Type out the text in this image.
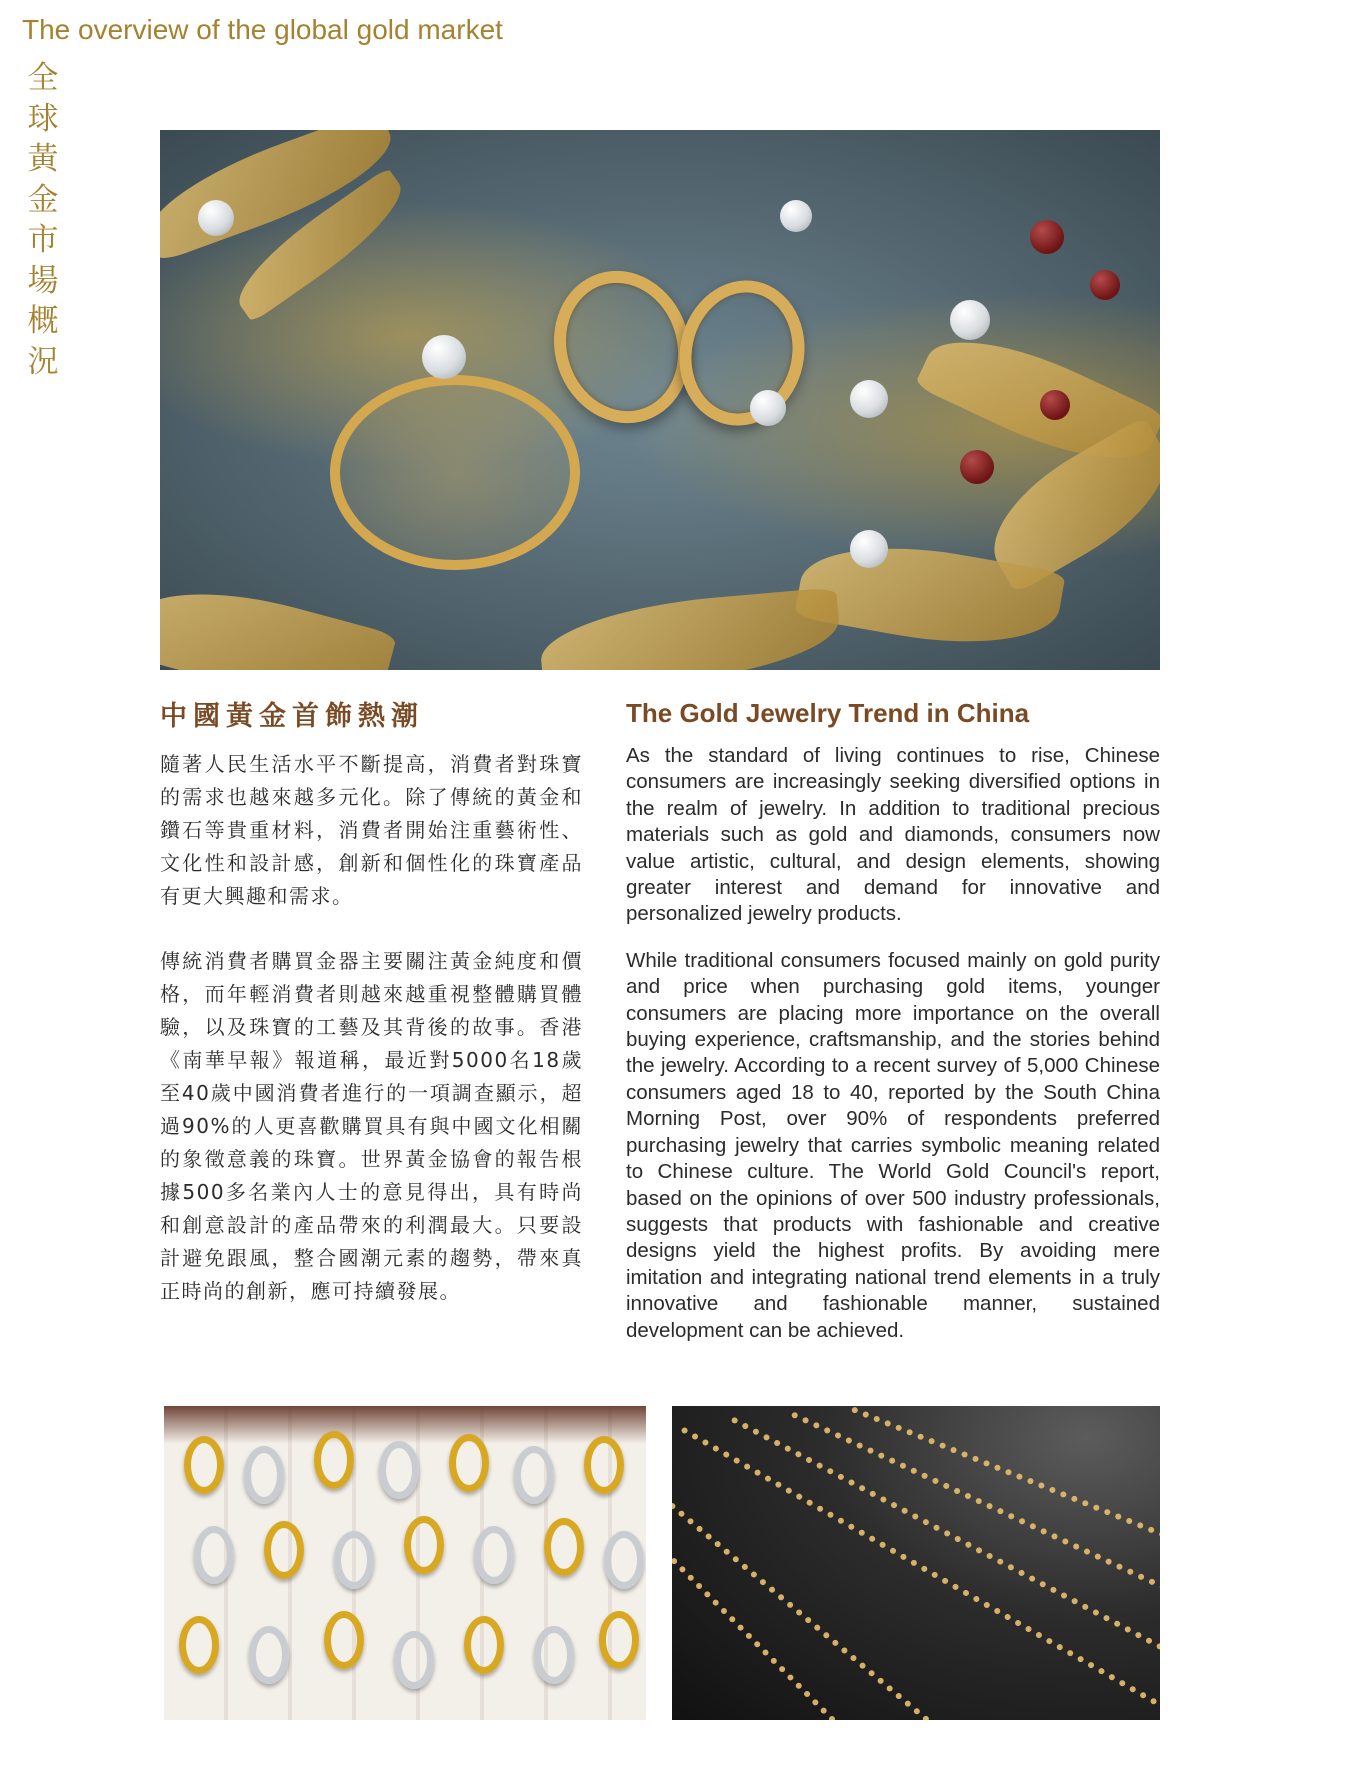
The overview of the global gold market
全球黃金市場概況
中國黃金首飾熱潮	The Gold Jewelry Trend in China

隨著人民生活水平不斷提高，消費者對珠寶的需求也越來越多元化。除了傳統的黃金和鑽石等貴重材料，消費者開始注重藝術性、文化性和設計感，創新和個性化的珠寶產品有更大興趣和需求。

傳統消費者購買金器主要關注黃金純度和價格，而年輕消費者則越來越重視整體購買體驗，以及珠寶的工藝及其背後的故事。香港《南華早報》報道稱，最近對5000名18歲至40歲中國消費者進行的一項調查顯示，超過90%的人更喜歡購買具有與中國文化相關的象徵意義的珠寶。世界黃金協會的報告根據500多名業內人士的意見得出，具有時尚和創意設計的產品帶來的利潤最大。只要設計避免跟風，整合國潮元素的趨勢，帶來真正時尚的創新，應可持續發展。

As the standard of living continues to rise, Chinese consumers are increasingly seeking diversified options in the realm of jewelry. In addition to traditional precious materials such as gold and diamonds, consumers now value artistic, cultural, and design elements, showing greater interest and demand for innovative and personalized jewelry products.

While traditional consumers focused mainly on gold purity and price when purchasing gold items, younger consumers are placing more importance on the overall buying experience, craftsmanship, and the stories behind the jewelry. According to a recent survey of 5,000 Chinese consumers aged 18 to 40, reported by the South China Morning Post, over 90% of respondents preferred purchasing jewelry that carries symbolic meaning related to Chinese culture. The World Gold Council's report, based on the opinions of over 500 industry professionals, suggests that products with fashionable and creative designs yield the highest profits. By avoiding mere imitation and integrating national trend elements in a truly innovative and fashionable manner, sustained development can be achieved.
